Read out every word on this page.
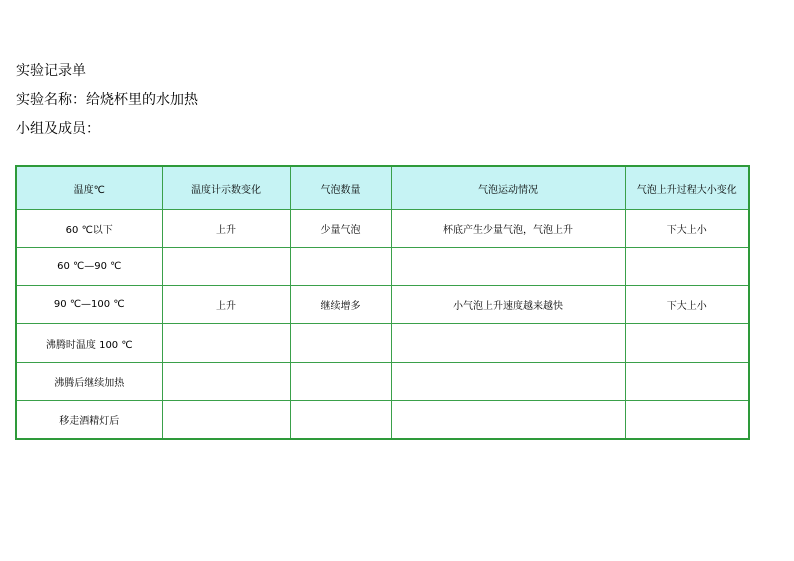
实验记录单
实验名称：给烧杯里的水加热
小组及成员：
温度℃	温度计示数变化	气泡数量	气泡运动情况	气泡上升过程大小变化
60 ℃以下	上升	少量气泡	杯底产生少量气泡，气泡上升	下大上小
60 ℃—90 ℃				
90 ℃—100 ℃	上升	继续增多	小气泡上升速度越来越快	下大上小
沸腾时温度 100 ℃				
沸腾后继续加热				
移走酒精灯后				
